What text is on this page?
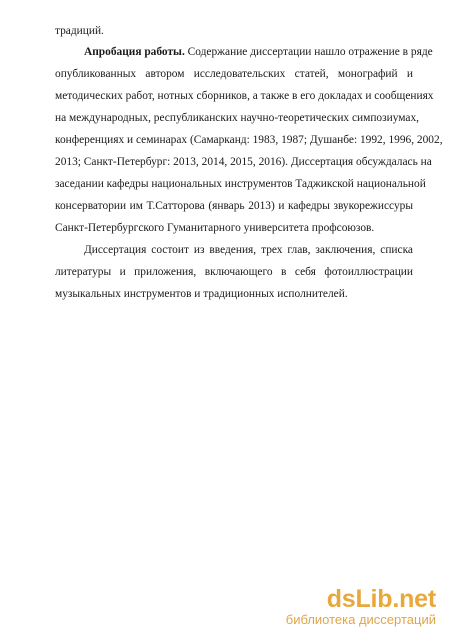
традиций.
Апробация работы. Содержание диссертации нашло отражение в ряде
опубликованных автором исследовательских статей, монографий и
методических работ, нотных сборников, а также в его докладах и сообщениях
на международных, республиканских научно-теоретических симпозиумах,
конференциях и семинарах (Самарканд: 1983, 1987; Душанбе: 1992, 1996, 2002,
2013; Санкт-Петербург: 2013, 2014, 2015, 2016). Диссертация обсуждалась на
заседании кафедры национальных инструментов Таджикской национальной
консерватории им Т.Сатторова (январь 2013) и кафедры звукорежиссуры
Санкт-Петербургского Гуманитарного университета профсоюзов.
Диссертация состоит из введения, трех глав, заключения, списка
литературы и приложения, включающего в себя фотоиллюстрации
музыкальных инструментов и традиционных исполнителей.
dsLib.net
библиотека диссертаций
